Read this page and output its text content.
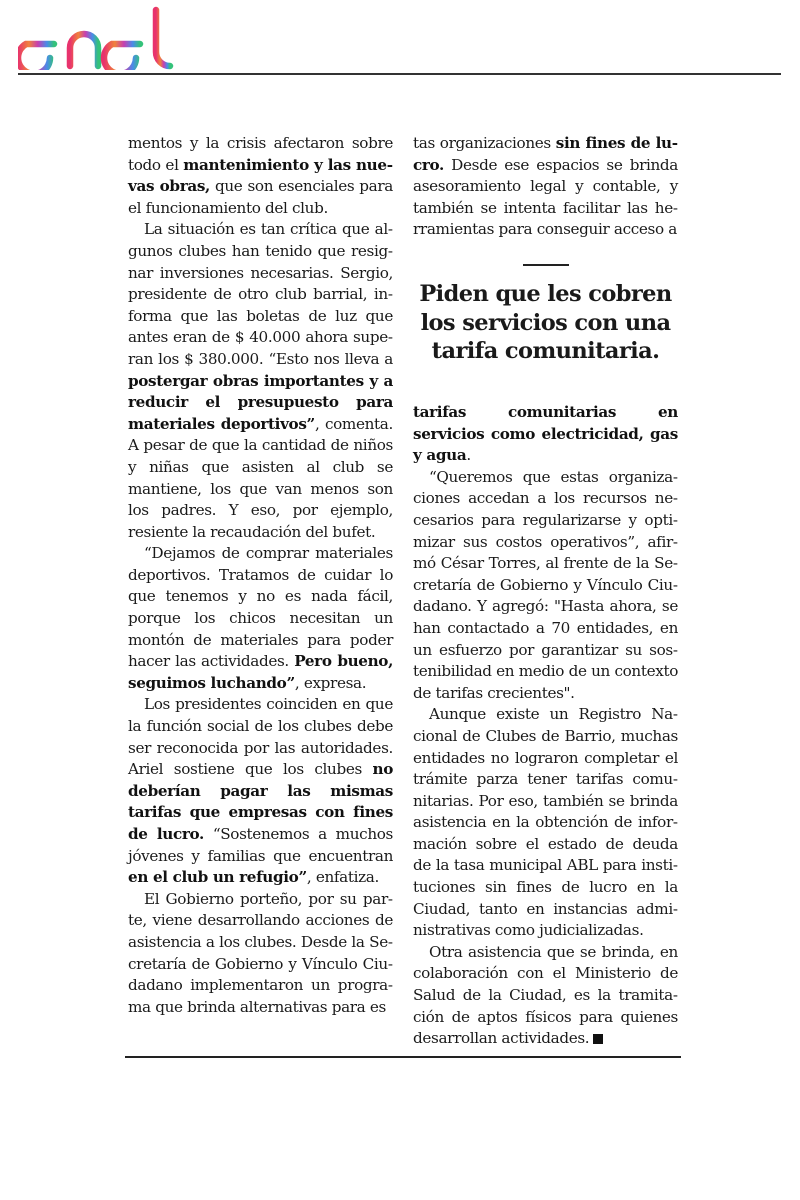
mentos y la crisis afectaron sobre todo el mantenimiento y las nuevas obras, que son esenciales para el funcionamiento del club.

La situación es tan crítica que algunos clubes han tenido que resignar inversiones necesarias. Sergio, presidente de otro club barrial, informa que las boletas de luz que antes eran de $ 40.000 ahora superan los $ 380.000. “Esto nos lleva a postergar obras importantes y a reducir el presupuesto para materiales deportivos”, comenta. A pesar de que la cantidad de niños y niñas que asisten al club se mantiene, los que van menos son los padres. Y eso, por ejemplo, resiente la recaudación del bufet.

“Dejamos de comprar materiales deportivos. Tratamos de cuidar lo que tenemos y no es nada fácil, porque los chicos necesitan un montón de materiales para poder hacer las actividades. Pero bueno, seguimos luchando”, expresa.

Los presidentes coinciden en que la función social de los clubes debe ser reconocida por las autoridades. Ariel sostiene que los clubes no deberían pagar las mismas tarifas que empresas con fines de lucro. “Sostenemos a muchos jóvenes y familias que encuentran en el club un refugio”, enfatiza.

El Gobierno porteño, por su parte, viene desarrollando acciones de asistencia a los clubes. Desde la Secretaría de Gobierno y Vínculo Ciudadano implementaron un programa que brinda alternativas para es

tas organizaciones sin fines de lucro. Desde ese espacios se brinda asesoramiento legal y contable, y también se intenta facilitar las herramientas para conseguir acceso a

Piden que les cobren los servicios con una tarifa comunitaria.

tarifas comunitarias en servicios como electricidad, gas y agua.

“Queremos que estas organizaciones accedan a los recursos necesarios para regularizarse y optimizar sus costos operativos”, afirmó César Torres, al frente de la Secretaría de Gobierno y Vínculo Ciudadano. Y agregó: "Hasta ahora, se han contactado a 70 entidades, en un esfuerzo por garantizar su sostenibilidad en medio de un contexto de tarifas crecientes".

Aunque existe un Registro Nacional de Clubes de Barrio, muchas entidades no lograron completar el trámite parza tener tarifas comunitarias. Por eso, también se brinda asistencia en la obtención de información sobre el estado de deuda de la tasa municipal ABL para instituciones sin fines de lucro en la Ciudad, tanto en instancias administrativas como judicializadas.

Otra asistencia que se brinda, en colaboración con el Ministerio de Salud de la Ciudad, es la tramitación de aptos físicos para quienes desarrollan actividades.
